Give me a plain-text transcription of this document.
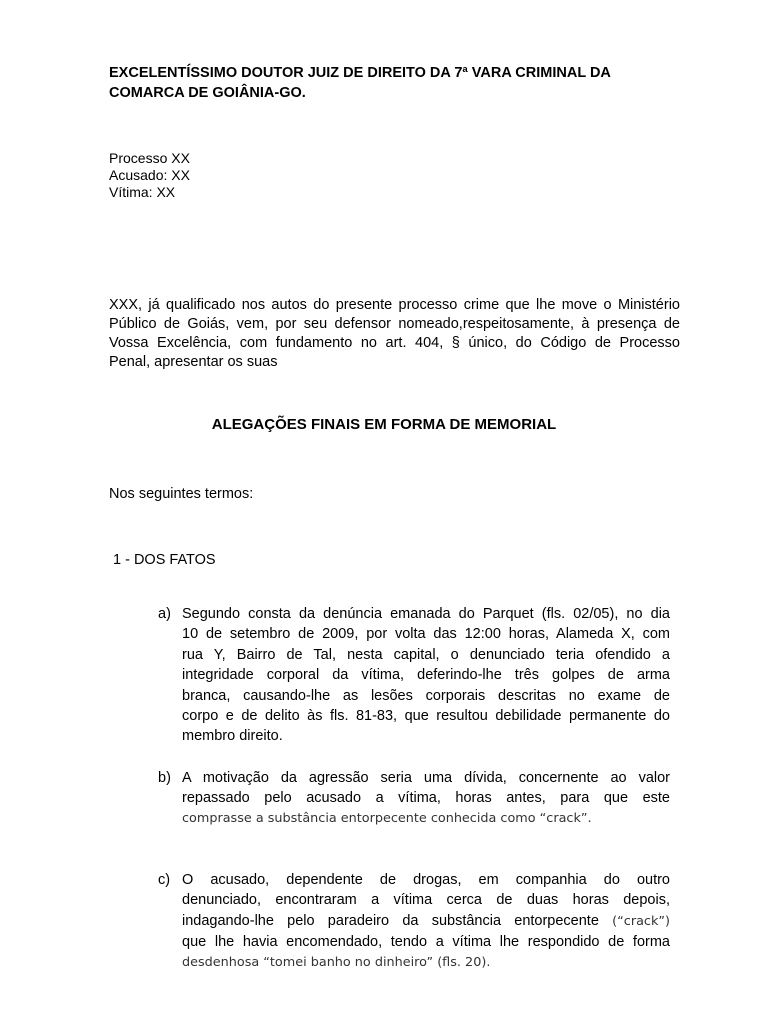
EXCELENTÍSSIMO DOUTOR JUIZ DE DIREITO DA 7ª VARA CRIMINAL DA
COMARCA DE GOIÂNIA-GO.
Processo XX
Acusado: XX
Vítima: XX
XXX, já qualificado nos autos do presente processo crime que lhe move o Ministério
Público de Goiás, vem, por seu defensor nomeado,respeitosamente, à presença de
Vossa Excelência, com fundamento no art. 404, § único, do Código de Processo
Penal, apresentar os suas
ALEGAÇÕES FINAIS EM FORMA DE MEMORIAL
Nos seguintes termos:
1 - DOS FATOS
a) Segundo consta da denúncia emanada do Parquet (fls. 02/05), no dia
10 de setembro de 2009, por volta das 12:00 horas, Alameda X, com
rua Y, Bairro de Tal, nesta capital, o denunciado teria ofendido a
integridade corporal da vítima, deferindo-lhe três golpes de arma
branca, causando-lhe as lesões corporais descritas no exame de
corpo e de delito às fls. 81-83, que resultou debilidade permanente do
membro direito.
b) A motivação da agressão seria uma dívida, concernente ao valor
repassado pelo acusado a vítima, horas antes, para que este
comprasse a substância entorpecente conhecida como “crack”.
c) O acusado, dependente de drogas, em companhia do outro
denunciado, encontraram a vítima cerca de duas horas depois,
indagando-lhe pelo paradeiro da substância entorpecente (“crack”)
que lhe havia encomendado, tendo a vítima lhe respondido de forma
desdenhosa “tomei banho no dinheiro” (fls. 20).
